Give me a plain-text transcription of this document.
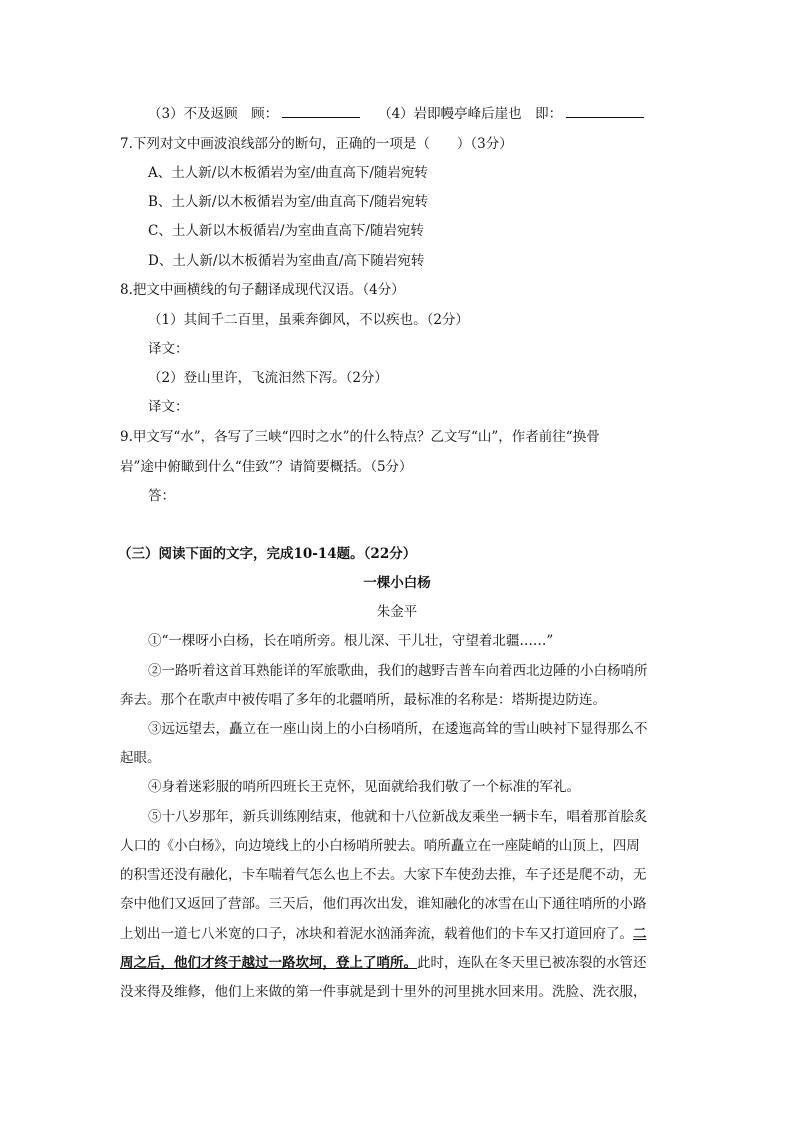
（3）不及返顾　顾：	（4）岩即幔亭峰后崖也　即：
7.下列对文中画波浪线部分的断句，正确的一项是（　　）（3分）
A、土人新/以木板循岩为室/曲直高下/随岩宛转
B、土人新/以木板循岩为室/曲直高下/随岩宛转
C、土人新以木板循岩/为室曲直高下/随岩宛转
D、土人新/以木板循岩为室曲直/高下随岩宛转
8.把文中画横线的句子翻译成现代汉语。（4分）
（1）其间千二百里，虽乘奔御风，不以疾也。（2分）
译文：
（2）登山里许，飞流汩然下泻。（2分）
译文：
9.甲文写“水”，各写了三峡“四时之水”的什么特点？乙文写“山”，作者前往“换骨
岩”途中俯瞰到什么“佳致”？请简要概括。（5分）
答：
（三）阅读下面的文字，完成10-14题。（22分）
一棵小白杨
朱金平
①“一棵呀小白杨，长在哨所旁。根儿深、干儿壮，守望着北疆……”
②一路听着这首耳熟能详的军旅歌曲，我们的越野吉普车向着西北边陲的小白杨哨所
奔去。那个在歌声中被传唱了多年的北疆哨所，最标准的名称是：塔斯提边防连。
③远远望去，矗立在一座山岗上的小白杨哨所，在逶迤高耸的雪山映衬下显得那么不
起眼。
④身着迷彩服的哨所四班长王克怀，见面就给我们敬了一个标准的军礼。
⑤十八岁那年，新兵训练刚结束，他就和十八位新战友乘坐一辆卡车，唱着那首脍炙
人口的《小白杨》，向边境线上的小白杨哨所驶去。哨所矗立在一座陡峭的山顶上，四周
的积雪还没有融化，卡车喘着气怎么也上不去。大家下车使劲去推，车子还是爬不动，无
奈中他们又返回了营部。三天后，他们再次出发，谁知融化的冰雪在山下通往哨所的小路
上划出一道七八米宽的口子，冰块和着泥水汹涌奔流，载着他们的卡车又打道回府了。二
周之后，他们才终于越过一路坎坷，登上了哨所。此时，连队在冬天里已被冻裂的水管还
没来得及维修，他们上来做的第一件事就是到十里外的河里挑水回来用。洗脸、洗衣服，
